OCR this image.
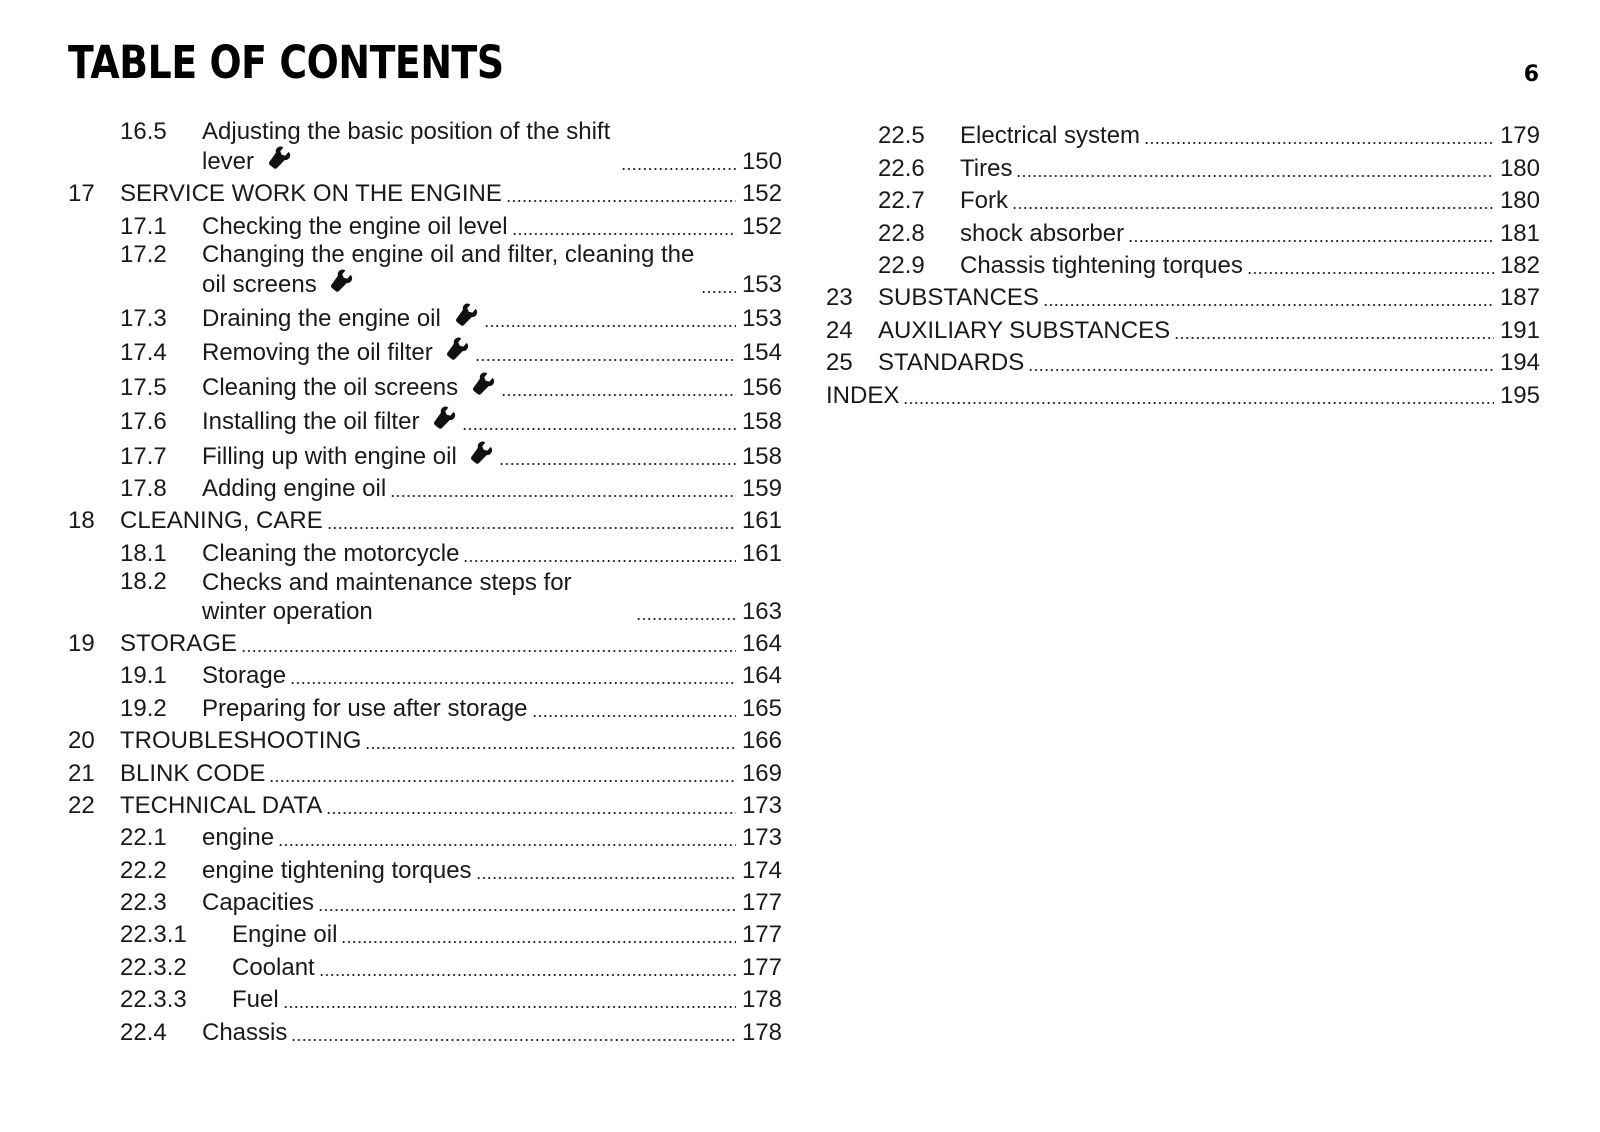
TABLE OF CONTENTS	6
16.5	Adjusting the basic position of the shift lever	150
17	SERVICE WORK ON THE ENGINE	152
17.1	Checking the engine oil level	152
17.2	Changing the engine oil and filter, cleaning the oil screens	153
17.3	Draining the engine oil	153
17.4	Removing the oil filter	154
17.5	Cleaning the oil screens	156
17.6	Installing the oil filter	158
17.7	Filling up with engine oil	158
17.8	Adding engine oil	159
18	CLEANING, CARE	161
18.1	Cleaning the motorcycle	161
18.2	Checks and maintenance steps for winter operation	163
19	STORAGE	164
19.1	Storage	164
19.2	Preparing for use after storage	165
20	TROUBLESHOOTING	166
21	BLINK CODE	169
22	TECHNICAL DATA	173
22.1	engine	173
22.2	engine tightening torques	174
22.3	Capacities	177
22.3.1	Engine oil	177
22.3.2	Coolant	177
22.3.3	Fuel	178
22.4	Chassis	178
22.5	Electrical system	179
22.6	Tires	180
22.7	Fork	180
22.8	shock absorber	181
22.9	Chassis tightening torques	182
23	SUBSTANCES	187
24	AUXILIARY SUBSTANCES	191
25	STANDARDS	194
INDEX	195
